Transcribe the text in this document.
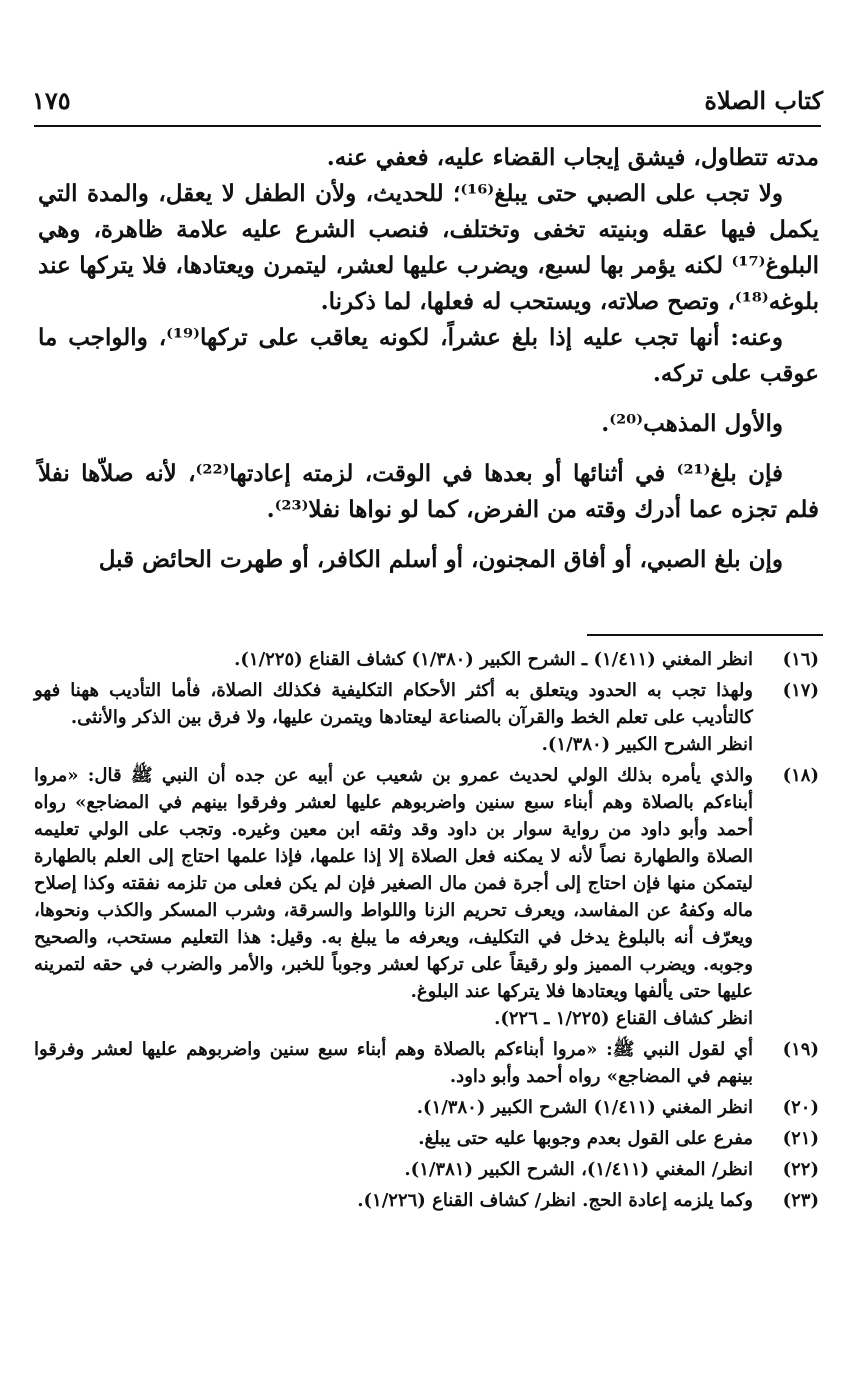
كتاب الصلاة
١٧٥

مدته تتطاول، فيشق إيجاب القضاء عليه، فعفي عنه.

ولا تجب على الصبي حتى يبلغ⁽¹⁶⁾؛ للحديث، ولأن الطفل لا يعقل، والمدة التي يكمل فيها عقله وبنيته تخفى وتختلف، فنصب الشرع عليه علامة ظاهرة، وهي البلوغ⁽¹⁷⁾ لكنه يؤمر بها لسبع، ويضرب عليها لعشر، ليتمرن ويعتادها، فلا يتركها عند بلوغه⁽¹⁸⁾، وتصح صلاته، ويستحب له فعلها، لما ذكرنا.

وعنه: أنها تجب عليه إذا بلغ عشراً، لكونه يعاقب على تركها⁽¹⁹⁾، والواجب ما عوقب على تركه.

والأول المذهب⁽²⁰⁾.

فإن بلغ⁽²¹⁾ في أثنائها أو بعدها في الوقت، لزمته إعادتها⁽²²⁾، لأنه صلاّها نفلاً فلم تجزه عما أدرك وقته من الفرض، كما لو نواها نفلا⁽²³⁾.

وإن بلغ الصبي، أو أفاق المجنون، أو أسلم الكافر، أو طهرت الحائض قبل

(١٦)

انظر المغني (١/٤١١) ـ الشرح الكبير (١/٣٨٠) كشاف القناع (١/٢٢٥).

(١٧)

ولهذا تجب به الحدود ويتعلق به أكثر الأحكام التكليفية فكذلك الصلاة، فأما التأديب ههنا فهو كالتأديب على تعلم الخط والقرآن بالصناعة ليعتادها ويتمرن عليها، ولا فرق بين الذكر والأنثى.

انظر الشرح الكبير (١/٣٨٠).

(١٨)

والذي يأمره بذلك الولي لحديث عمرو بن شعيب عن أبيه عن جده أن النبي ﷺ قال: «مروا أبناءكم بالصلاة وهم أبناء سبع سنين واضربوهم عليها لعشر وفرقوا بينهم في المضاجع» رواه أحمد وأبو داود من رواية سوار بن داود وقد وثقه ابن معين وغيره. وتجب على الولي تعليمه الصلاة والطهارة نصاً لأنه لا يمكنه فعل الصلاة إلا إذا علمها، فإذا علمها احتاج إلى العلم بالطهارة ليتمكن منها فإن احتاج إلى أجرة فمن مال الصغير فإن لم يكن فعلى من تلزمه نفقته وكذا إصلاح ماله وكفهُ عن المفاسد، ويعرف تحريم الزنا واللواط والسرقة، وشرب المسكر والكذب ونحوها، ويعرّف أنه بالبلوغ يدخل في التكليف، ويعرفه ما يبلغ به. وقيل: هذا التعليم مستحب، والصحيح وجوبه. ويضرب المميز ولو رقيقاً على تركها لعشر وجوباً للخبر، والأمر والضرب في حقه لتمرينه عليها حتى يألفها ويعتادها فلا يتركها عند البلوغ.

انظر كشاف القناع (١/٢٢٥ ـ ٢٢٦).

(١٩)

أي لقول النبي ﷺ: «مروا أبناءكم بالصلاة وهم أبناء سبع سنين واضربوهم عليها لعشر وفرقوا بينهم في المضاجع» رواه أحمد وأبو داود.

(٢٠)

انظر المغني (١/٤١١) الشرح الكبير (١/٣٨٠).

(٢١)

مفرع على القول بعدم وجوبها عليه حتى يبلغ.

(٢٢)

انظر/ المغني (١/٤١١)، الشرح الكبير (١/٣٨١).

(٢٣)

وكما يلزمه إعادة الحج. انظر/ كشاف القناع (١/٢٢٦).
